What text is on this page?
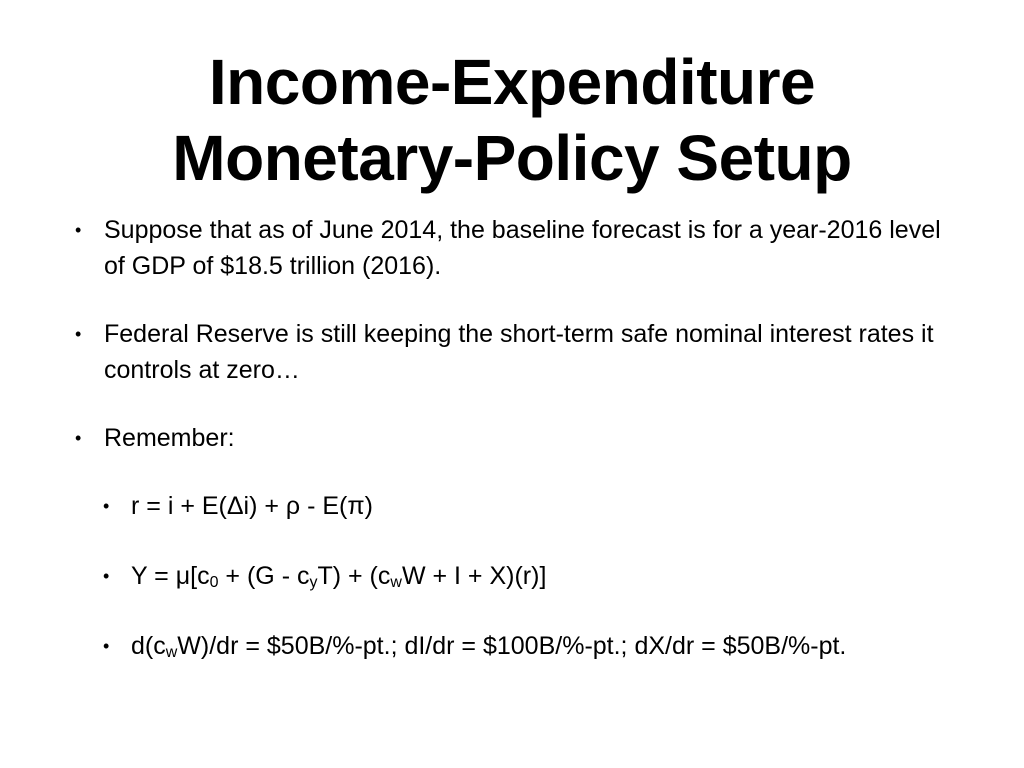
Income-Expenditure
Monetary-Policy Setup
• Suppose that as of June 2014, the baseline forecast is for a year-2016 level of GDP of $18.5 trillion (2016).
• Federal Reserve is still keeping the short-term safe nominal interest rates it controls at zero…
• Remember:
• r = i + E(Δi) + ρ - E(π)
• $Y = \mu[c_0 + (G - c_yT) + (c_wW + I + X)(r)]$
• $d(c_wW)/dr$ = $50B/%-pt.; dI/dr = $100B/%-pt.; dX/dr = $50B/%-pt.
